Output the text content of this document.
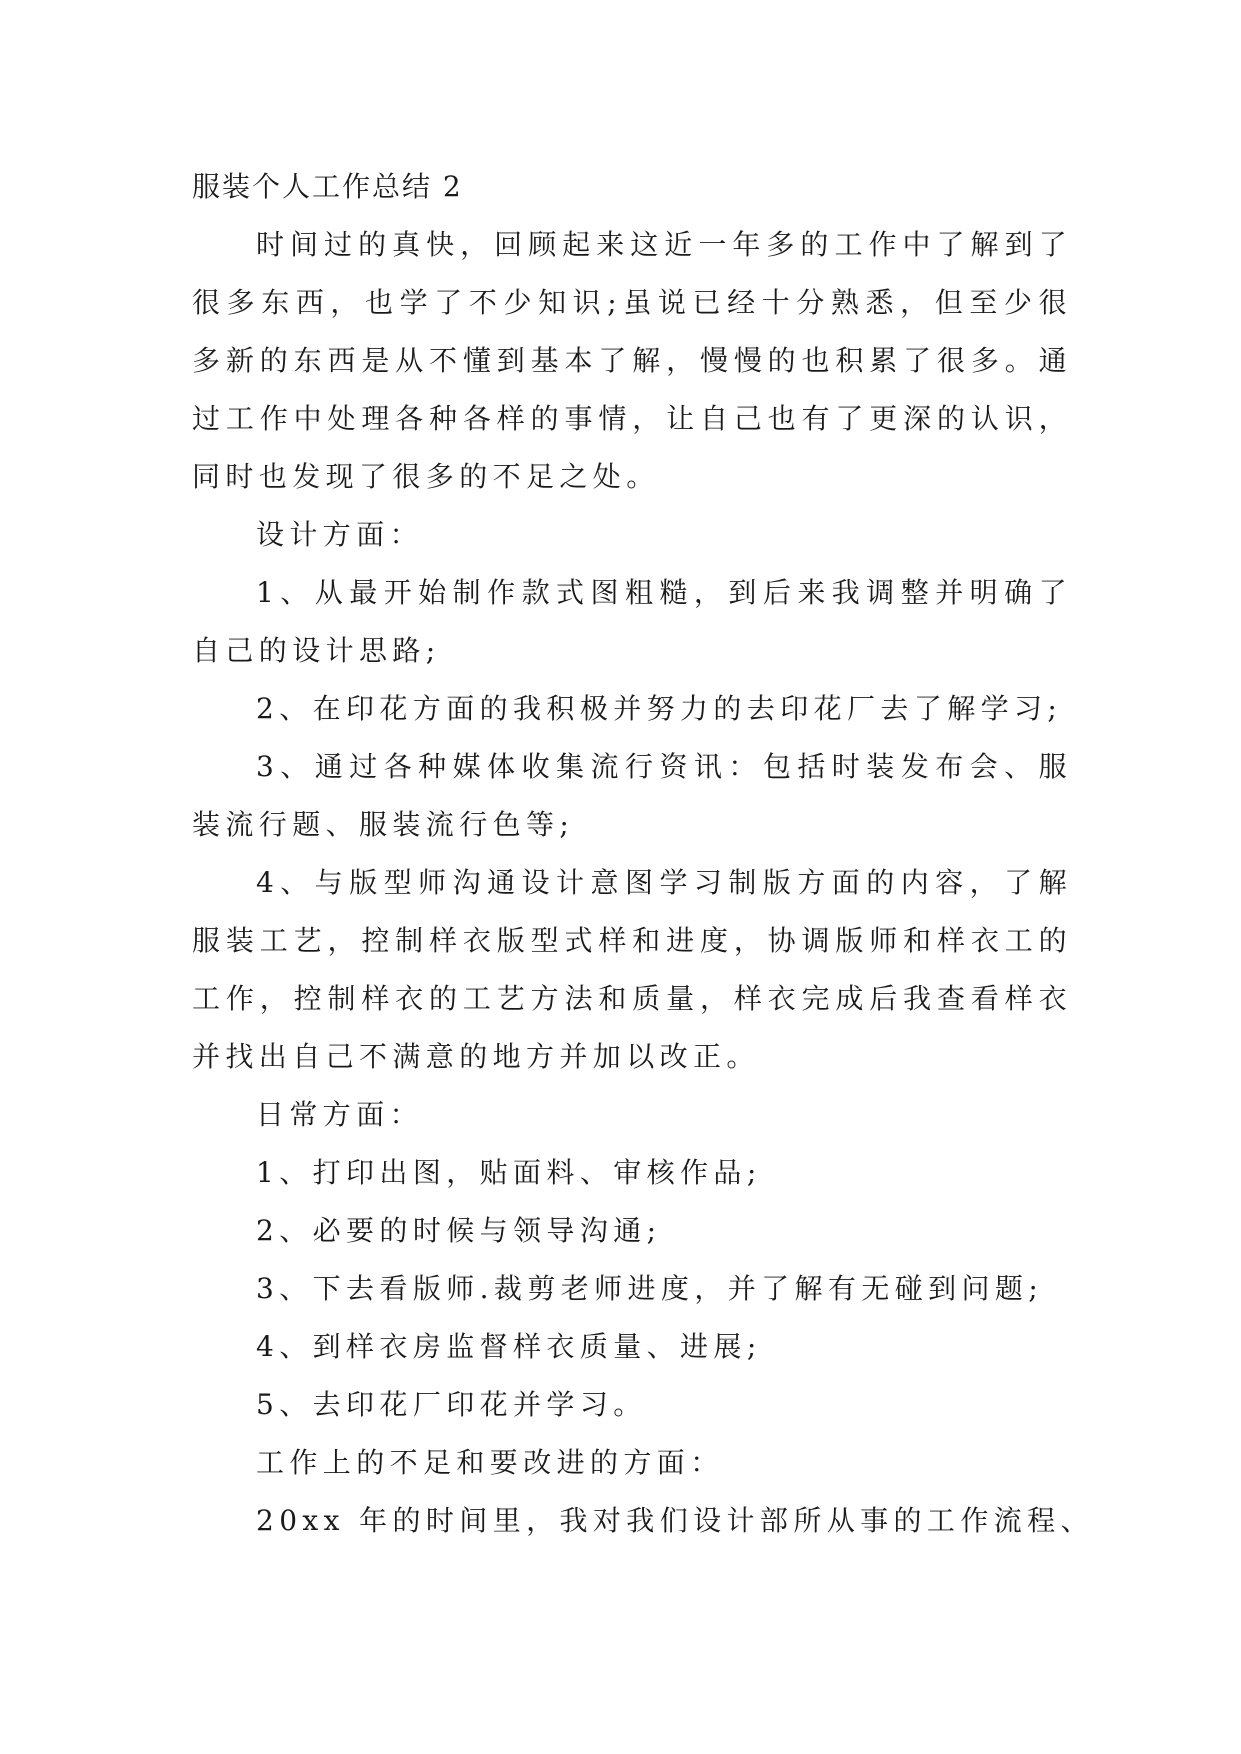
服装个人工作总结 2

时间过的真快，回顾起来这近一年多的工作中了解到了很多东西，也学了不少知识;虽说已经十分熟悉，但至少很多新的东西是从不懂到基本了解，慢慢的也积累了很多。通过工作中处理各种各样的事情，让自己也有了更深的认识，同时也发现了很多的不足之处。

设计方面：

1、从最开始制作款式图粗糙，到后来我调整并明确了自己的设计思路;

2、在印花方面的我积极并努力的去印花厂去了解学习;

3、通过各种媒体收集流行资讯：包括时装发布会、服装流行题、服装流行色等;

4、与版型师沟通设计意图学习制版方面的内容，了解服装工艺，控制样衣版型式样和进度，协调版师和样衣工的工作，控制样衣的工艺方法和质量，样衣完成后我查看样衣并找出自己不满意的地方并加以改正。

日常方面：

1、打印出图，贴面料、审核作品;

2、必要的时候与领导沟通;

3、下去看版师.裁剪老师进度，并了解有无碰到问题;

4、到样衣房监督样衣质量、进展;

5、去印花厂印花并学习。

工作上的不足和要改进的方面：

20xx 年的时间里，我对我们设计部所从事的工作流程、
